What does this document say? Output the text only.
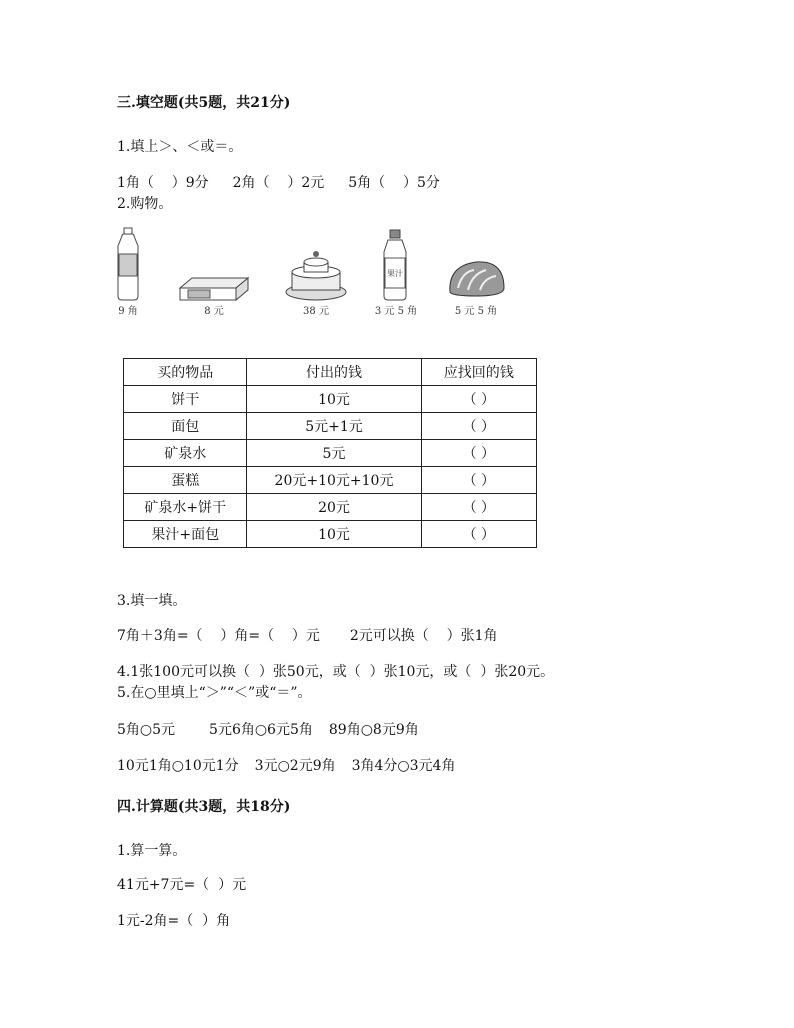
三.填空题(共5题，共21分)
1.填上＞、＜或＝。
1角（    ）9分 2角（    ）2元 5角（    ）5分
2.购物。
9 角	8 元	38 元
果汁
3 元 5 角	5 元 5 角
买的物品	付出的钱	应找回的钱
饼干	10元	（ ）
面包	5元+1元	（ ）
矿泉水	5元	（ ）
蛋糕	20元+10元+10元	（ ）
矿泉水+饼干	20元	（ ）
果汁+面包	10元	（ ）
3.填一填。
7角＋3角=（    ）角=（    ）元 2元可以换（    ）张1角
4.1张100元可以换（  ）张50元，或（  ）张10元，或（  ）张20元。
5.在○里填上“＞”“＜”或“＝”。
5角○5元 5元6角○6元5角 89角○8元9角
10元1角○10元1分 3元○2元9角 3角4分○3元4角
四.计算题(共3题，共18分)
1.算一算。
41元+7元=（  ）元
1元-2角=（  ）角
